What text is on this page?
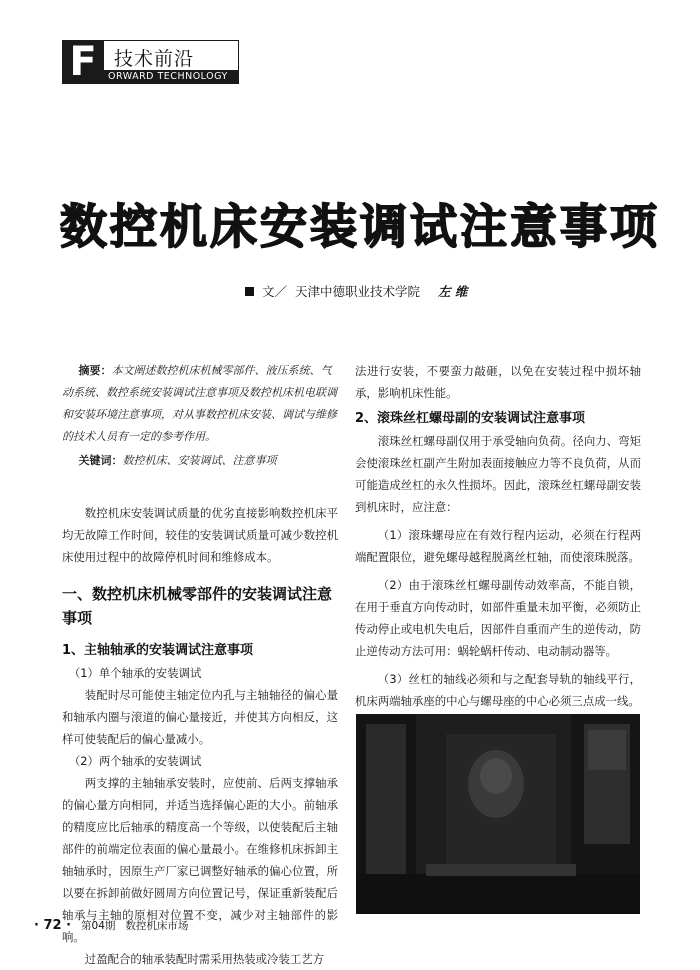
F 技术前沿
ORWARD TECHNOLOGY
数控机床安装调试注意事项
文／ 天津中德职业技术学院 左 维

摘要：本文阐述数控机床机械零部件、液压系统、气动系统、数控系统安装调试注意事项及数控机床机电联调和安装环境注意事项，对从事数控机床安装、调试与维修的技术人员有一定的参考作用。

关键词：数控机床、安装调试、注意事项

数控机床安装调试质量的优劣直接影响数控机床平均无故障工作时间，较佳的安装调试质量可减少数控机床使用过程中的故障停机时间和维修成本。

一、数控机床机械零部件的安装调试注意事项

1、主轴轴承的安装调试注意事项

（1）单个轴承的安装调试

装配时尽可能使主轴定位内孔与主轴轴径的偏心量和轴承内圈与滚道的偏心量接近，并使其方向相反，这样可使装配后的偏心量减小。

（2）两个轴承的安装调试

两支撑的主轴轴承安装时，应使前、后两支撑轴承的偏心量方向相同，并适当选择偏心距的大小。前轴承的精度应比后轴承的精度高一个等级，以使装配后主轴部件的前端定位表面的偏心量最小。在维修机床拆卸主轴轴承时，因原生产厂家已调整好轴承的偏心位置，所以要在拆卸前做好圆周方向位置记号，保证重新装配后轴承与主轴的原相对位置不变，减少对主轴部件的影响。

过盈配合的轴承装配时需采用热装或冷装工艺方

法进行安装，不要蛮力敲砸，以免在安装过程中损坏轴承，影响机床性能。

2、滚珠丝杠螺母副的安装调试注意事项

滚珠丝杠螺母副仅用于承受轴向负荷。径向力、弯矩会使滚珠丝杠副产生附加表面接触应力等不良负荷，从而可能造成丝杠的永久性损坏。因此，滚珠丝杠螺母副安装到机床时，应注意：

（1）滚珠螺母应在有效行程内运动，必须在行程两端配置限位，避免螺母越程脱离丝杠轴，而使滚珠脱落。

（2）由于滚珠丝杠螺母副传动效率高，不能自锁，在用于垂直方向传动时，如部件重量未加平衡，必须防止传动停止或电机失电后，因部件自重而产生的逆传动，防止逆传动方法可用：蜗轮蜗杆传动、电动制动器等。

（3）丝杠的轴线必须和与之配套导轨的轴线平行，机床两端轴承座的中心与螺母座的中心必须三点成一线。

· 72 · 第04期 数控机床市场
